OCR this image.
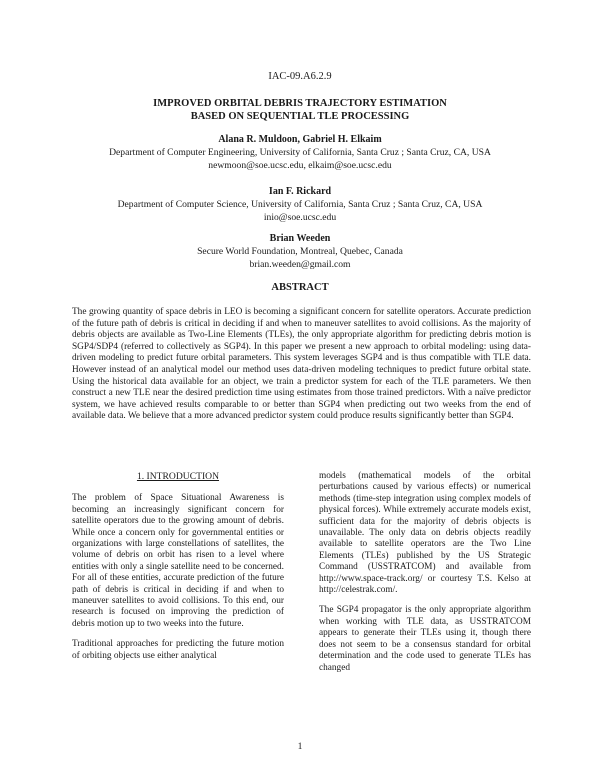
IAC-09.A6.2.9
IMPROVED ORBITAL DEBRIS TRAJECTORY ESTIMATION
BASED ON SEQUENTIAL TLE PROCESSING
Alana R. Muldoon, Gabriel H. Elkaim
Department of Computer Engineering, University of California, Santa Cruz ; Santa Cruz, CA, USA
newmoon@soe.ucsc.edu, elkaim@soe.ucsc.edu
Ian F. Rickard
Department of Computer Science, University of California, Santa Cruz ; Santa Cruz, CA, USA
inio@soe.ucsc.edu
Brian Weeden
Secure World Foundation, Montreal, Quebec, Canada
brian.weeden@gmail.com
ABSTRACT
The growing quantity of space debris in LEO is becoming a significant concern for satellite operators. Accurate prediction of the future path of debris is critical in deciding if and when to maneuver satellites to avoid collisions. As the majority of debris objects are available as Two-Line Elements (TLEs), the only appropriate algorithm for predicting debris motion is SGP4/SDP4 (referred to collectively as SGP4). In this paper we present a new approach to orbital modeling: using data-driven modeling to predict future orbital parameters. This system leverages SGP4 and is thus compatible with TLE data. However instead of an analytical model our method uses data-driven modeling techniques to predict future orbital state. Using the historical data available for an object, we train a predictor system for each of the TLE parameters. We then construct a new TLE near the desired prediction time using estimates from those trained predictors. With a naïve predictor system, we have achieved results comparable to or better than SGP4 when predicting out two weeks from the end of available data. We believe that a more advanced predictor system could produce results significantly better than SGP4.
1. INTRODUCTION

The problem of Space Situational Awareness is becoming an increasingly significant concern for satellite operators due to the growing amount of debris. While once a concern only for governmental entities or organizations with large constellations of satellites, the volume of debris on orbit has risen to a level where entities with only a single satellite need to be concerned. For all of these entities, accurate prediction of the future path of debris is critical in deciding if and when to maneuver satellites to avoid collisions. To this end, our research is focused on improving the prediction of debris motion up to two weeks into the future.

Traditional approaches for predicting the future motion of orbiting objects use either analytical

models (mathematical models of the orbital perturbations caused by various effects) or numerical methods (time-step integration using complex models of physical forces). While extremely accurate models exist, sufficient data for the majority of debris objects is unavailable. The only data on debris objects readily available to satellite operators are the Two Line Elements (TLEs) published by the US Strategic Command (USSTRATCOM) and available from http://www.space-track.org/ or courtesy T.S. Kelso at http://celestrak.com/.

The SGP4 propagator is the only appropriate algorithm when working with TLE data, as USSTRATCOM appears to generate their TLEs using it, though there does not seem to be a consensus standard for orbital determination and the code used to generate TLEs has changed

1
